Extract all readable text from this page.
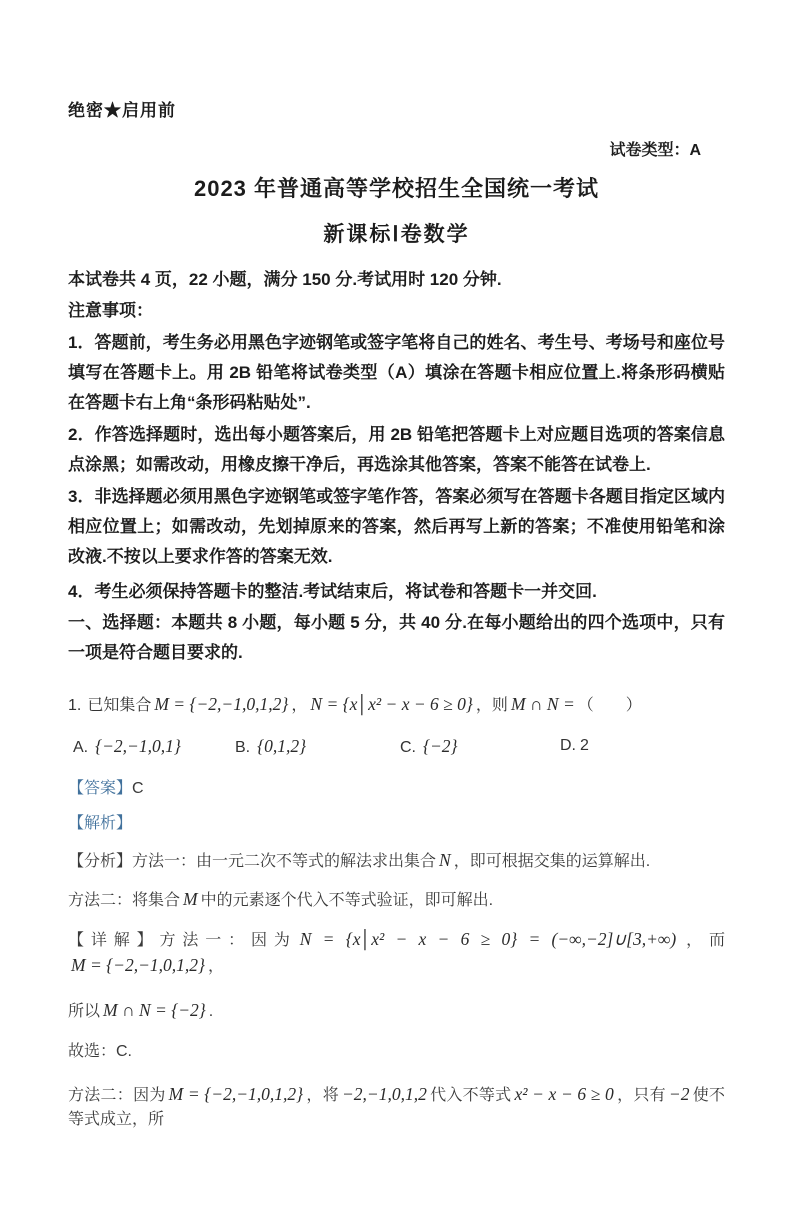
绝密★启用前
试卷类型：A
2023 年普通高等学校招生全国统一考试
新课标Ⅰ卷数学

本试卷共 4 页，22 小题，满分 150 分.考试用时 120 分钟.

注意事项：

1．答题前，考生务必用黑色字迹钢笔或签字笔将自己的姓名、考生号、考场号和座位号填写在答题卡上。用 2B 铅笔将试卷类型（A）填涂在答题卡相应位置上.将条形码横贴在答题卡右上角“条形码粘贴处”.

2．作答选择题时，选出每小题答案后，用 2B 铅笔把答题卡上对应题目选项的答案信息点涂黑；如需改动，用橡皮擦干净后，再选涂其他答案，答案不能答在试卷上.

3．非选择题必须用黑色字迹钢笔或签字笔作答，答案必须写在答题卡各题目指定区域内相应位置上；如需改动，先划掉原来的答案，然后再写上新的答案；不准使用铅笔和涂改液.不按以上要求作答的答案无效.

4．考生必须保持答题卡的整洁.考试结束后，将试卷和答题卡一并交回.

一、选择题：本题共 8 小题，每小题 5 分，共 40 分.在每小题给出的四个选项中，只有一项是符合题目要求的.

1. 已知集合 M = {−2,−1,0,1,2} ， N = {x│x² − x − 6 ≥ 0} ，则 M ∩ N = （　　）
A. {−2,−1,0,1}	B. {0,1,2}	C. {−2}	D. 2

【答案】C

【解析】

【分析】方法一：由一元二次不等式的解法求出集合 N ，即可根据交集的运算解出.

方法二：将集合 M 中的元素逐个代入不等式验证，即可解出.

【详解】方法一：因为 N = {x│x² − x − 6 ≥ 0} = (−∞,−2]∪[3,+∞) ，而M = {−2,−1,0,1,2} ，

所以 M ∩ N = {−2} .

故选：C.

方法二：因为 M = {−2,−1,0,1,2} ，将 −2,−1,0,1,2 代入不等式 x² − x − 6 ≥ 0 ，只有 −2 使不等式成立，所
